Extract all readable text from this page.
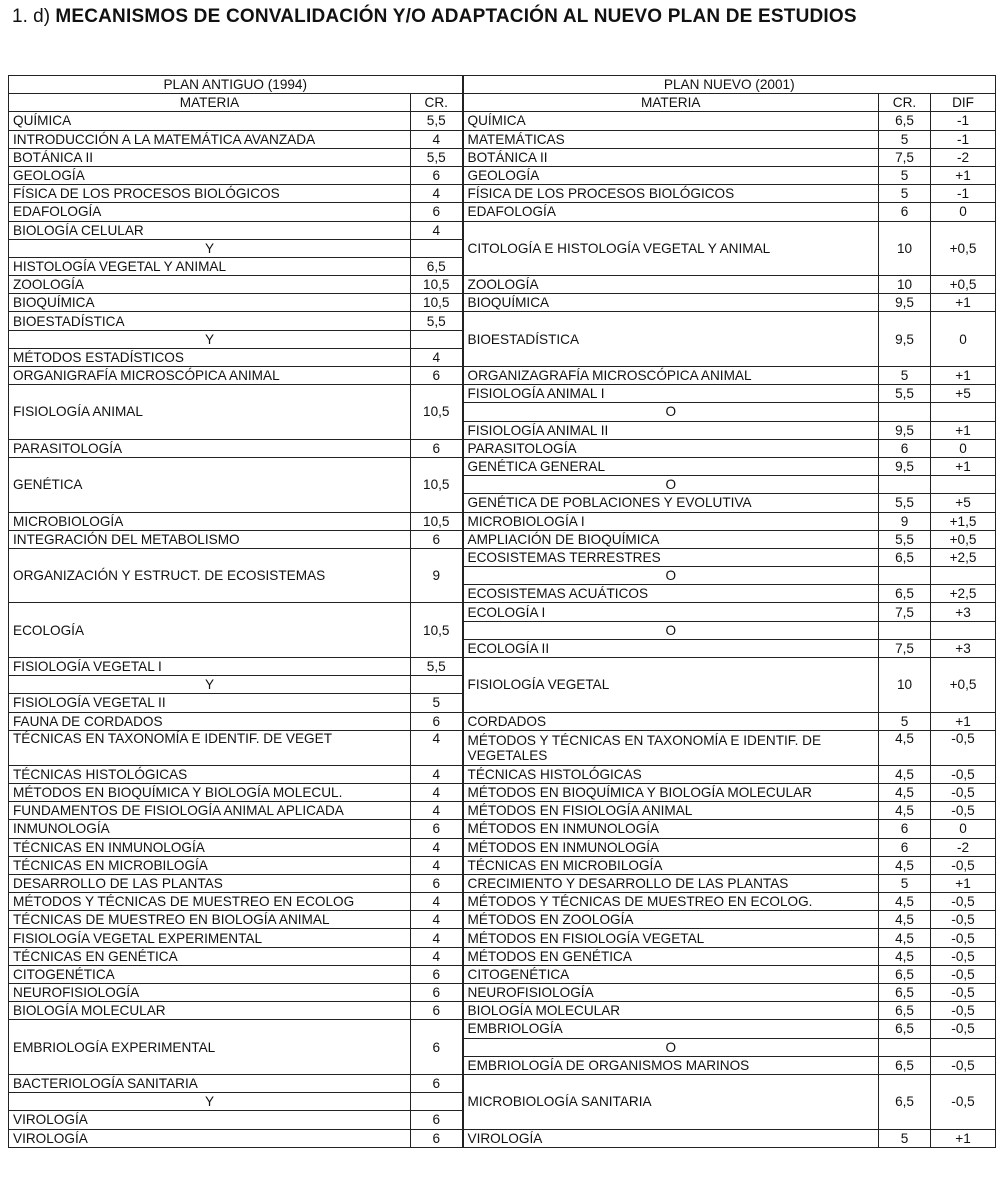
1. d) MECANISMOS DE CONVALIDACIÓN Y/O ADAPTACIÓN AL NUEVO PLAN DE ESTUDIOS
PLAN ANTIGUO (1994)		PLAN NUEVO (2001)		
MATERIA	CR.	MATERIA	CR.	DIF
QUÍMICA	5,5	QUÍMICA	6,5	-1
INTRODUCCIÓN A LA MATEMÁTICA AVANZADA	4	MATEMÁTICAS	5	-1
BOTÁNICA II	5,5	BOTÁNICA II	7,5	-2
GEOLOGÍA	6	GEOLOGÍA	5	+1
FÍSICA DE LOS PROCESOS BIOLÓGICOS	4	FÍSICA DE LOS PROCESOS BIOLÓGICOS	5	-1
EDAFOLOGÍA	6	EDAFOLOGÍA	6	0
BIOLOGÍA CELULAR	4	CITOLOGÍA E HISTOLOGÍA VEGETAL Y ANIMAL	10	+0,5
Y				
HISTOLOGÍA VEGETAL Y ANIMAL	6,5			
ZOOLOGÍA	10,5	ZOOLOGÍA	10	+0,5
BIOQUÍMICA	10,5	BIOQUÍMICA	9,5	+1
BIOESTADÍSTICA	5,5	BIOESTADÍSTICA	9,5	0
Y				
MÉTODOS ESTADÍSTICOS	4			
ORGANIGRAFÍA MICROSCÓPICA ANIMAL	6	ORGANIZAGRAFÍA MICROSCÓPICA ANIMAL	5	+1
FISIOLOGÍA ANIMAL	10,5	FISIOLOGÍA ANIMAL I	5,5	+5
		O		
		FISIOLOGÍA ANIMAL II	9,5	+1
PARASITOLOGÍA	6	PARASITOLOGÍA	6	0
GENÉTICA	10,5	GENÉTICA GENERAL	9,5	+1
		O		
		GENÉTICA DE POBLACIONES Y EVOLUTIVA	5,5	+5
MICROBIOLOGÍA	10,5	MICROBIOLOGÍA I	9	+1,5
INTEGRACIÓN DEL METABOLISMO	6	AMPLIACIÓN DE BIOQUÍMICA	5,5	+0,5
ORGANIZACIÓN Y ESTRUCT. DE ECOSISTEMAS	9	ECOSISTEMAS TERRESTRES	6,5	+2,5
		O		
		ECOSISTEMAS ACUÁTICOS	6,5	+2,5
ECOLOGÍA	10,5	ECOLOGÍA I	7,5	+3
		O		
		ECOLOGÍA II	7,5	+3
FISIOLOGÍA VEGETAL I	5,5	FISIOLOGÍA VEGETAL	10	+0,5
Y				
FISIOLOGÍA VEGETAL II	5			
FAUNA DE CORDADOS	6	CORDADOS	5	+1
TÉCNICAS EN TAXONOMÍA E IDENTIF. DE VEGET	4	MÉTODOS Y TÉCNICAS EN TAXONOMÍA E IDENTIF. DE VEGETALES	4,5	-0,5
TÉCNICAS HISTOLÓGICAS	4	TÉCNICAS HISTOLÓGICAS	4,5	-0,5
MÉTODOS EN BIOQUÍMICA Y BIOLOGÍA MOLECUL.	4	MÉTODOS EN BIOQUÍMICA Y BIOLOGÍA MOLECULAR	4,5	-0,5
FUNDAMENTOS DE FISIOLOGÍA ANIMAL APLICADA	4	MÉTODOS EN FISIOLOGÍA ANIMAL	4,5	-0,5
INMUNOLOGÍA	6	MÉTODOS EN INMUNOLOGÍA	6	0
TÉCNICAS EN INMUNOLOGÍA	4	MÉTODOS EN INMUNOLOGÍA	6	-2
TÉCNICAS EN MICROBILOGÍA	4	TÉCNICAS EN MICROBILOGÍA	4,5	-0,5
DESARROLLO DE LAS PLANTAS	6	CRECIMIENTO Y DESARROLLO DE LAS PLANTAS	5	+1
MÉTODOS Y TÉCNICAS DE MUESTREO EN ECOLOG	4	MÉTODOS Y TÉCNICAS DE MUESTREO EN ECOLOG.	4,5	-0,5
TÉCNICAS DE MUESTREO EN BIOLOGÍA ANIMAL	4	MÉTODOS EN ZOOLOGÍA	4,5	-0,5
FISIOLOGÍA VEGETAL EXPERIMENTAL	4	MÉTODOS EN FISIOLOGÍA VEGETAL	4,5	-0,5
TÉCNICAS EN GENÉTICA	4	MÉTODOS EN GENÉTICA	4,5	-0,5
CITOGENÉTICA	6	CITOGENÉTICA	6,5	-0,5
NEUROFISIOLOGÍA	6	NEUROFISIOLOGÍA	6,5	-0,5
BIOLOGÍA MOLECULAR	6	BIOLOGÍA MOLECULAR	6,5	-0,5
EMBRIOLOGÍA EXPERIMENTAL	6	EMBRIOLOGÍA	6,5	-0,5
		O		
		EMBRIOLOGÍA DE ORGANISMOS MARINOS	6,5	-0,5
BACTERIOLOGÍA SANITARIA	6	MICROBIOLOGÍA SANITARIA	6,5	-0,5
Y				
VIROLOGÍA	6			
VIROLOGÍA	6	VIROLOGÍA	5	+1
